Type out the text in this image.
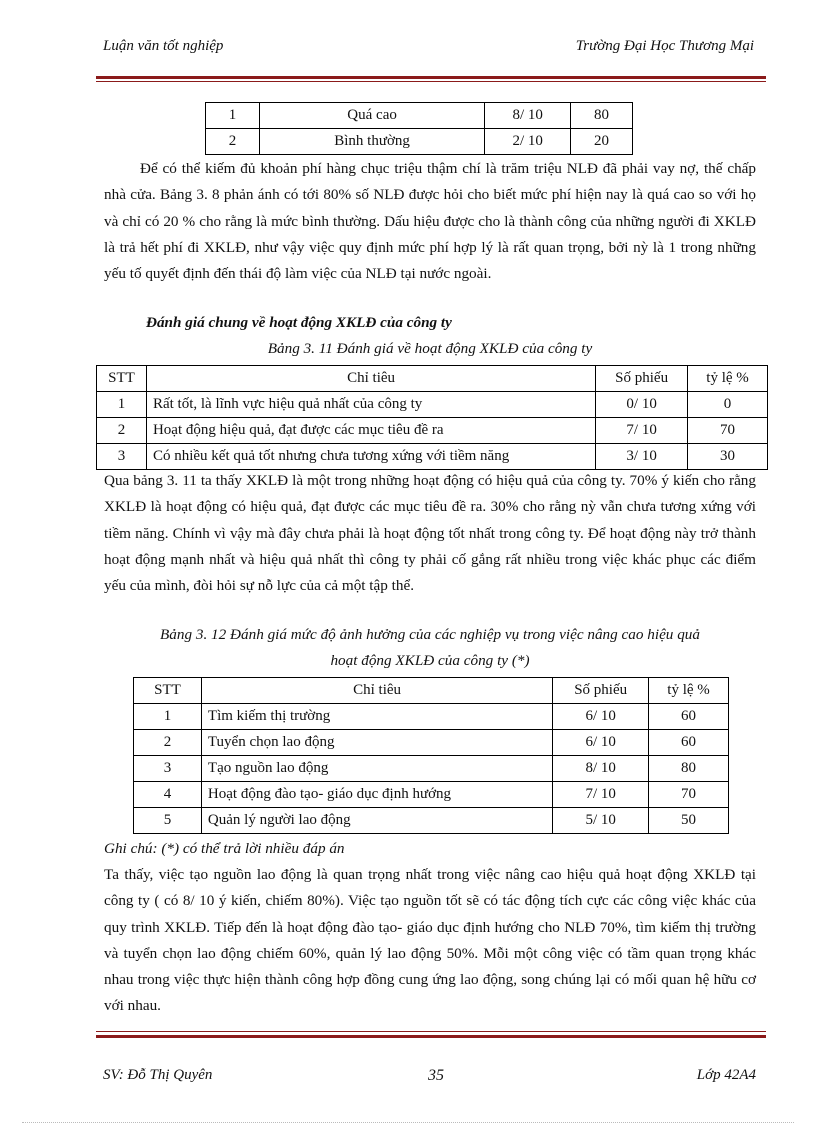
Luận văn tốt nghiệp	Trường Đại Học Thương Mại
1	Quá cao	8/ 10	80
2	Bình thường	2/ 10	20

Để có thể kiếm đủ khoản phí hàng chục triệu thậm chí là trăm triệu NLĐ đã phải vay nợ, thế chấp nhà cửa. Bảng 3. 8 phản ánh có tới 80% số NLĐ được hỏi cho biết mức phí hiện nay là quá cao so với họ và chỉ có 20 % cho rằng là mức bình thường. Dấu hiệu được cho là thành công của những người đi XKLĐ là trả hết phí đi XKLĐ, như vậy việc quy định mức phí hợp lý là rất quan trọng, bởi nỳ là 1 trong những yếu tố quyết định đến thái độ làm việc của NLĐ tại nước ngoài.

Đánh giá chung về hoạt động XKLĐ của công ty
Bảng 3. 11 Đánh giá về hoạt động XKLĐ của công ty
STT	Chỉ tiêu	Số phiếu	tỷ lệ %
1	Rất tốt, là lĩnh vực hiệu quả nhất của công ty	0/ 10	0
2	Hoạt động hiệu quả, đạt được các mục tiêu đề ra	7/ 10	70
3	Có nhiều kết quả tốt nhưng chưa tương xứng với tiềm năng	3/ 10	30

Qua bảng 3. 11 ta thấy XKLĐ là một trong những hoạt động có hiệu quả của công ty. 70% ý kiến cho rằng XKLĐ là hoạt động có hiệu quả, đạt được các mục tiêu đề ra. 30% cho rằng nỳ vẫn chưa tương xứng với tiềm năng. Chính vì vậy mà đây chưa phải là hoạt động tốt nhất trong công ty. Để hoạt động này trở thành hoạt động mạnh nhất và hiệu quả nhất thì công ty phải cố gắng rất nhiều trong việc khác phục các điểm yếu của mình, đòi hỏi sự nỗ lực của cả một tập thể.

Bảng 3. 12 Đánh giá mức độ ảnh hưởng của các nghiệp vụ trong việc nâng cao hiệu quả
hoạt động XKLĐ của công ty (*)
STT	Chỉ tiêu	Số phiếu	tỷ lệ %
1	Tìm kiếm thị trường	6/ 10	60
2	Tuyển chọn lao động	6/ 10	60
3	Tạo nguồn lao động	8/ 10	80
4	Hoạt động đào tạo- giáo dục định hướng	7/ 10	70
5	Quản lý người lao động	5/ 10	50
Ghi chú: (*) có thể trả lời nhiều đáp án

Ta thấy, việc tạo nguồn lao động là quan trọng nhất trong việc nâng cao hiệu quả hoạt động XKLĐ tại công ty ( có 8/ 10 ý kiến, chiếm 80%). Việc tạo nguồn tốt sẽ có tác động tích cực các công việc khác của quy trình XKLĐ. Tiếp đến là hoạt động đào tạo- giáo dục định hướng cho NLĐ 70%, tìm kiếm thị trường và tuyển chọn lao động chiếm 60%, quản lý lao động 50%. Mỗi một công việc có tầm quan trọng khác nhau trong việc thực hiện thành công hợp đồng cung ứng lao động, song chúng lại có mối quan hệ hữu cơ với nhau.

SV: Đỗ Thị Quyên	35	Lớp 42A4
